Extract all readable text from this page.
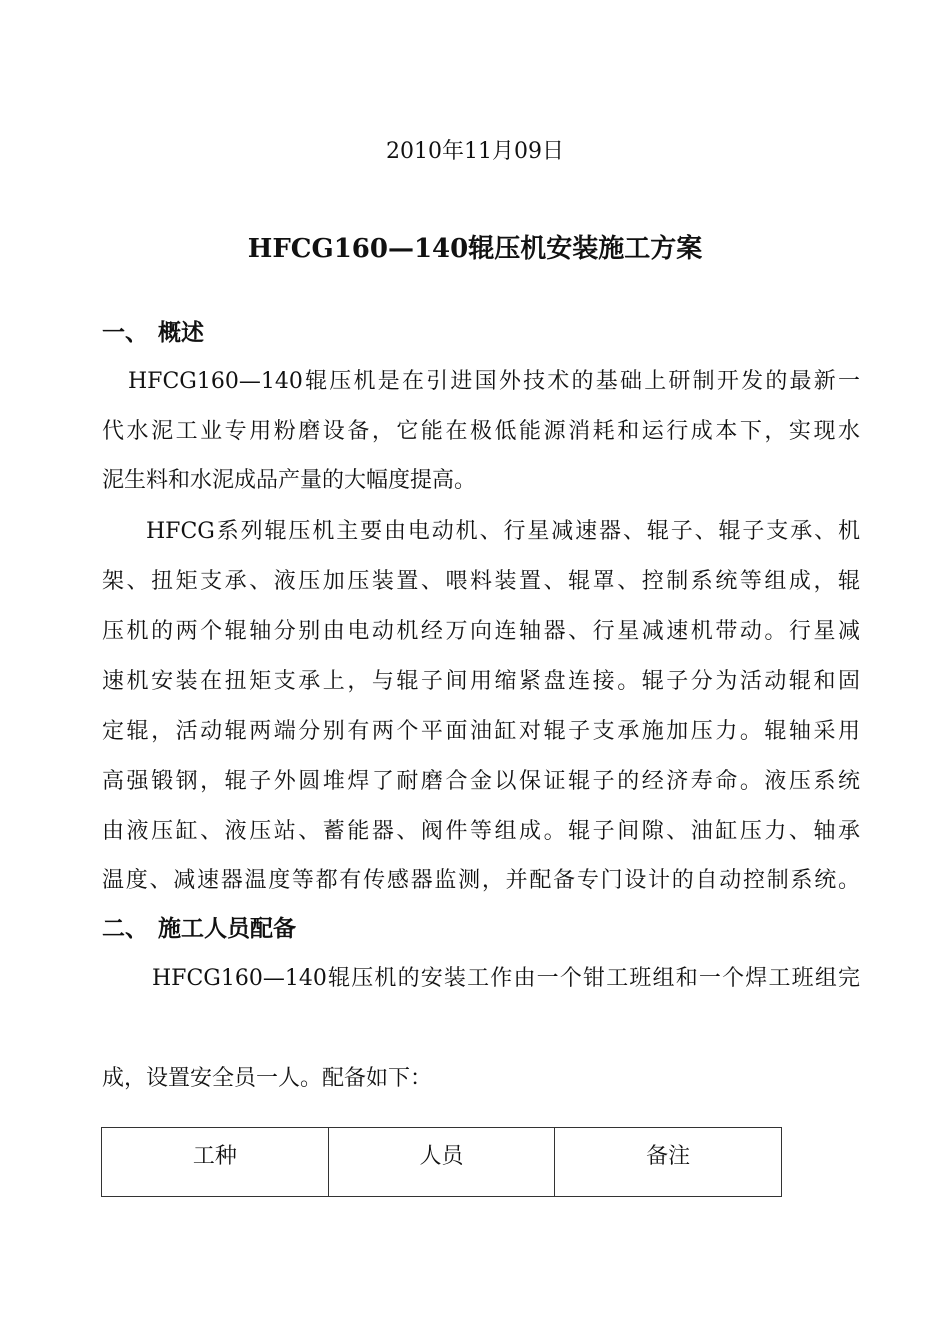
2010年11月09日
HFCG160—140辊压机安装施工方案
一、 概述
HFCG160—140辊压机是在引进国外技术的基础上研制开发的最新一
代水泥工业专用粉磨设备，它能在极低能源消耗和运行成本下，实现水
泥生料和水泥成品产量的大幅度提高。
HFCG系列辊压机主要由电动机、行星减速器、辊子、辊子支承、机
架、扭矩支承、液压加压装置、喂料装置、辊罩、控制系统等组成，辊
压机的两个辊轴分别由电动机经万向连轴器、行星减速机带动。行星减
速机安装在扭矩支承上，与辊子间用缩紧盘连接。辊子分为活动辊和固
定辊，活动辊两端分别有两个平面油缸对辊子支承施加压力。辊轴采用
高强锻钢，辊子外圆堆焊了耐磨合金以保证辊子的经济寿命。液压系统
由液压缸、液压站、蓄能器、阀件等组成。辊子间隙、油缸压力、轴承
温度、减速器温度等都有传感器监测，并配备专门设计的自动控制系统。
二、 施工人员配备
HFCG160—140辊压机的安装工作由一个钳工班组和一个焊工班组完
成，设置安全员一人。配备如下：
工种	人员	备注
